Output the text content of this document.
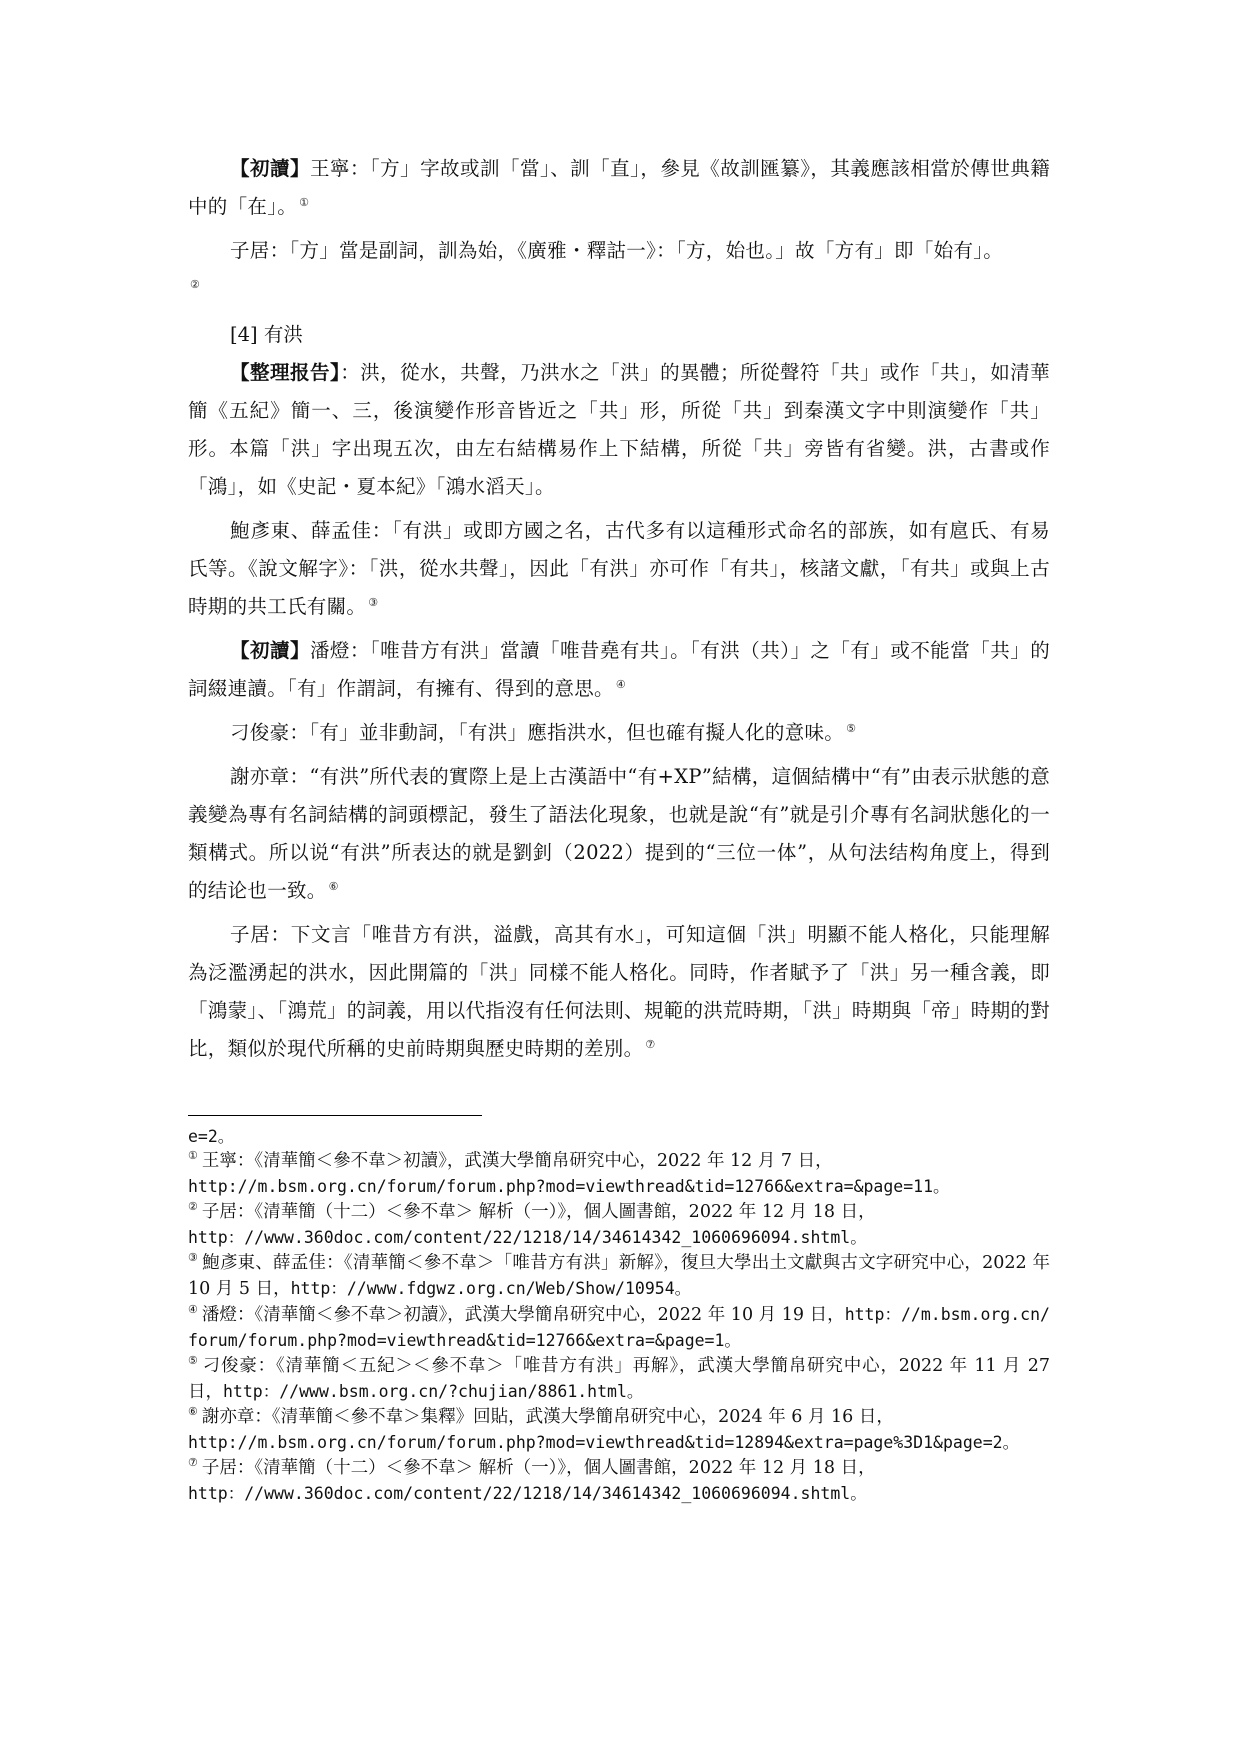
【初讀】王寧：「方」字故或訓「當」、訓「直」，參見《故訓匯纂》，其義應該相當於傳世典籍中的「在」。 ①

子居：「方」當是副詞，訓為始，《廣雅・釋詁一》：「方，始也。」故「方有」即「始有」。
②

[4] 有洪

【整理报告】：洪，從水，共聲，乃洪水之「洪」的異體；所從聲符「共」或作「共」，如清華簡《五紀》簡一、三，後演變作形音皆近之「共」形，所從「共」到秦漢文字中則演變作「共」形。本篇「洪」字出現五次，由左右結構易作上下結構，所從「共」旁皆有省變。洪，古書或作「鴻」，如《史記・夏本紀》「鴻水滔天」。

鮑彥東、薛孟佳：「有洪」或即方國之名，古代多有以這種形式命名的部族，如有扈氏、有易氏等。《說文解字》：「洪，從水共聲」，因此「有洪」亦可作「有共」，核諸文獻，「有共」或與上古時期的共工氏有關。 ③

【初讀】潘燈：「唯昔方有洪」當讀「唯昔堯有共」。「有洪（共）」之「有」或不能當「共」的詞綴連讀。「有」作謂詞，有擁有、得到的意思。 ④

刁俊豪：「有」並非動詞，「有洪」應指洪水，但也確有擬人化的意味。 ⑤

謝亦章：“有洪”所代表的實際上是上古漢語中“有+XP”結構，這個結構中“有”由表示狀態的意義變為專有名詞結構的詞頭標記，發生了語法化現象，也就是說“有”就是引介專有名詞狀態化的一類構式。所以说“有洪”所表达的就是劉釗（2022）提到的“三位一体”，从句法结构角度上，得到的结论也一致。 ⑥

子居：下文言「唯昔方有洪，溢戲，高其有水」，可知這個「洪」明顯不能人格化，只能理解為泛濫湧起的洪水，因此開篇的「洪」同樣不能人格化。同時，作者賦予了「洪」另一種含義，即「鴻蒙」、「鴻荒」的詞義，用以代指沒有任何法則、規範的洪荒時期，「洪」時期與「帝」時期的對比，類似於現代所稱的史前時期與歷史時期的差別。 ⑦

e=2。

① 王寧：《清華簡＜參不韋＞初讀》，武漢大學簡帛研究中心，2022 年 12 月 7 日，
http://m.bsm.org.cn/forum/forum.php?mod=viewthread&tid=12766&extra=&page=11。

② 子居：《清華簡（十二）＜參不韋＞ 解析（一）》，個人圖書館，2022 年 12 月 18 日，
http：//www.360doc.com/content/22/1218/14/34614342_1060696094.shtml。

③ 鮑彥東、薛孟佳：《清華簡＜參不韋＞「唯昔方有洪」新解》，復旦大學出土文獻與古文字研究中心，2022 年 10 月 5 日，http：//www.fdgwz.org.cn/Web/Show/10954。

④ 潘燈：《清華簡＜參不韋＞初讀》，武漢大學簡帛研究中心，2022 年 10 月 19 日，http：//m.bsm.org.cn/forum/forum.php?mod=viewthread&tid=12766&extra=&page=1。

⑤ 刁俊豪：《清華簡＜五紀＞＜參不韋＞「唯昔方有洪」再解》，武漢大學簡帛研究中心，2022 年 11 月 27 日，http：//www.bsm.org.cn/?chujian/8861.html。

⑥ 謝亦章：《清華簡＜參不韋＞集釋》回貼，武漢大學簡帛研究中心，2024 年 6 月 16 日，
http://m.bsm.org.cn/forum/forum.php?mod=viewthread&tid=12894&extra=page%3D1&page=2。

⑦ 子居：《清華簡（十二）＜參不韋＞ 解析（一）》，個人圖書館，2022 年 12 月 18 日，
http：//www.360doc.com/content/22/1218/14/34614342_1060696094.shtml。
